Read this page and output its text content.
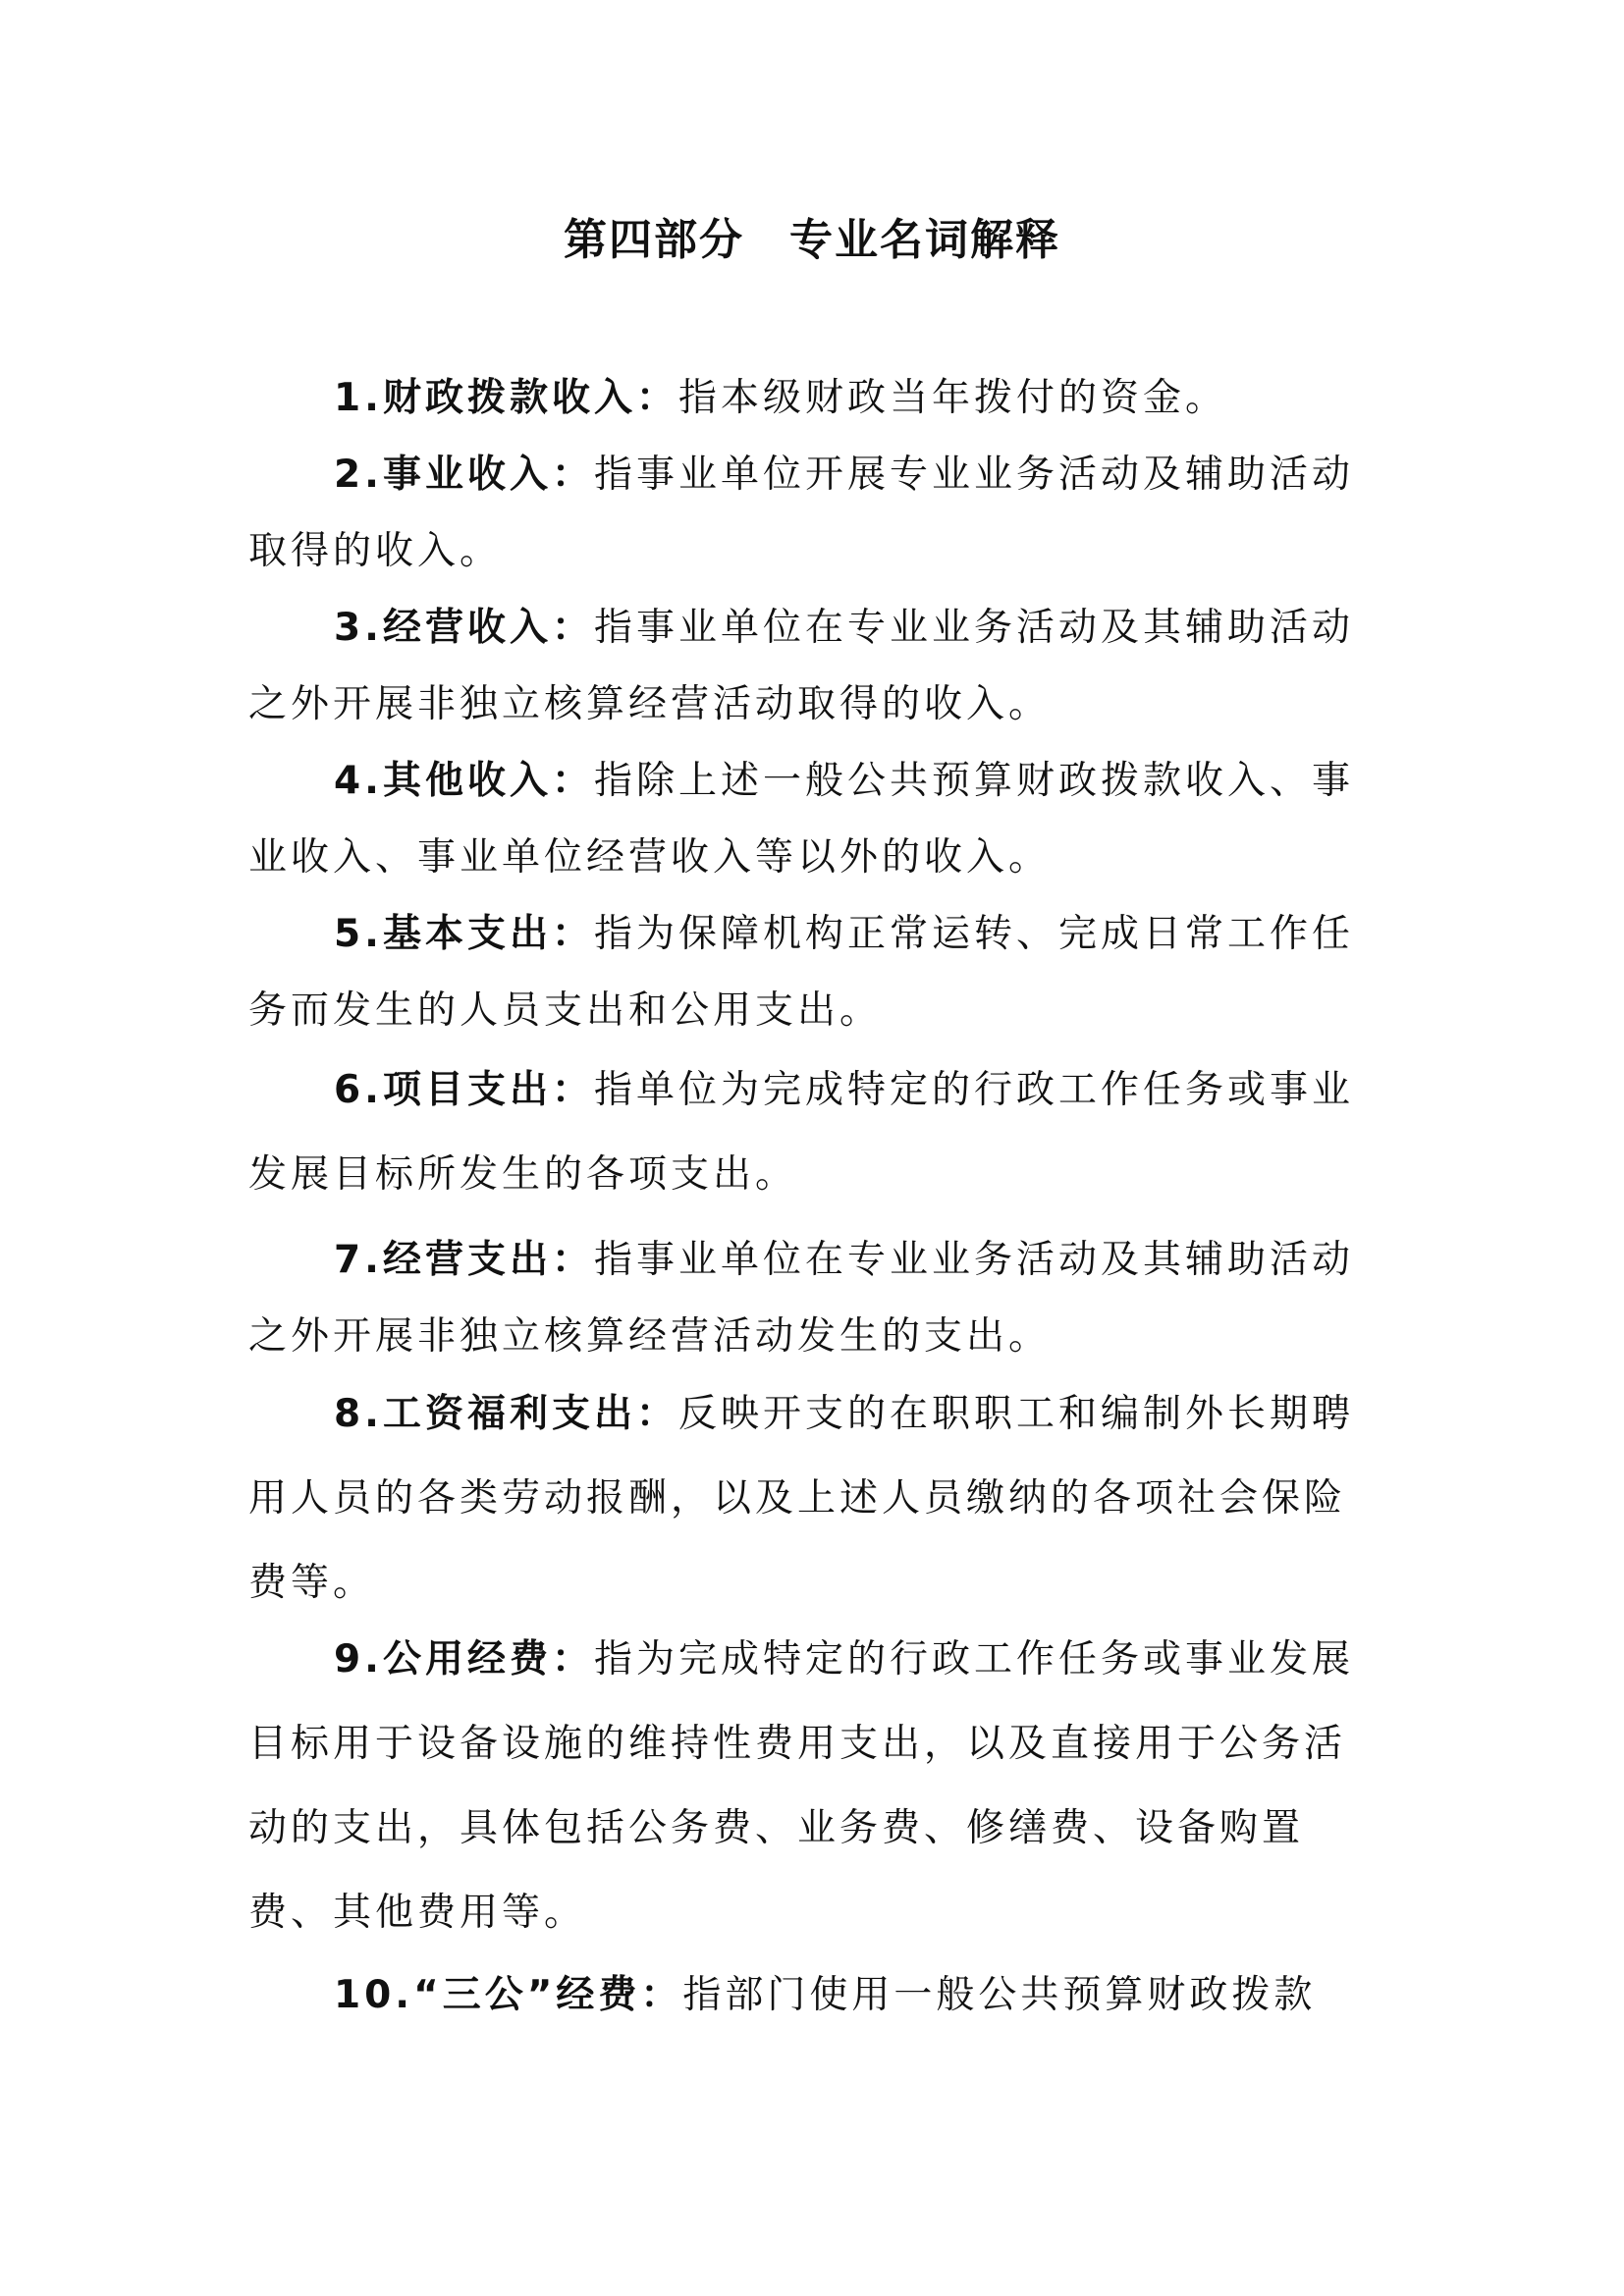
第四部分　专业名词解释

1.财政拨款收入：指本级财政当年拨付的资金。

2.事业收入：指事业单位开展专业业务活动及辅助活动取得的收入。

3.经营收入：指事业单位在专业业务活动及其辅助活动之外开展非独立核算经营活动取得的收入。

4.其他收入：指除上述一般公共预算财政拨款收入、事业收入、事业单位经营收入等以外的收入。

5.基本支出：指为保障机构正常运转、完成日常工作任务而发生的人员支出和公用支出。

6.项目支出：指单位为完成特定的行政工作任务或事业发展目标所发生的各项支出。

7.经营支出：指事业单位在专业业务活动及其辅助活动之外开展非独立核算经营活动发生的支出。

8.工资福利支出：反映开支的在职职工和编制外长期聘用人员的各类劳动报酬，以及上述人员缴纳的各项社会保险费等。

9.公用经费：指为完成特定的行政工作任务或事业发展目标用于设备设施的维持性费用支出，以及直接用于公务活动的支出，具体包括公务费、业务费、修缮费、设备购置费、其他费用等。

10.“三公”经费：指部门使用一般公共预算财政拨款
